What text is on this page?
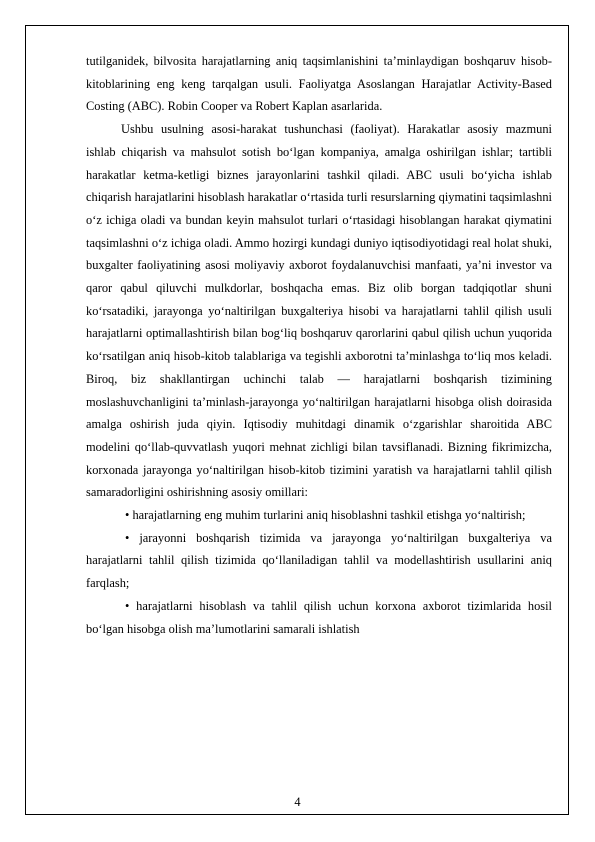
tutilganidek, bilvosita harajatlarning aniq taqsimlanishini ta’minlaydigan boshqaruv hisob-kitoblarining eng keng tarqalgan usuli. Faoliyatga Asoslangan Harajatlar Activity-Based Costing (ABC). Robin Cooper va Robert Kaplan asarlarida.

Ushbu usulning asosi-harakat tushunchasi (faoliyat). Harakatlar asosiy mazmuni ishlab chiqarish va mahsulot sotish bo‘lgan kompaniya, amalga oshirilgan ishlar; tartibli harakatlar ketma-ketligi biznes jarayonlarini tashkil qiladi. ABC usuli bo‘yicha ishlab chiqarish harajatlarini hisoblash harakatlar o‘rtasida turli resurslarning qiymatini taqsimlashni o‘z ichiga oladi va bundan keyin mahsulot turlari o‘rtasidagi hisoblangan harakat qiymatini taqsimlashni o‘z ichiga oladi. Ammo hozirgi kundagi duniyo iqtisodiyotidagi real holat shuki, buxgalter faoliyatining asosi moliyaviy axborot foydalanuvchisi manfaati, ya’ni investor va qaror qabul qiluvchi mulkdorlar, boshqacha emas. Biz olib borgan tadqiqotlar shuni ko‘rsatadiki, jarayonga yo‘naltirilgan buxgalteriya hisobi va harajatlarni tahlil qilish usuli harajatlarni optimallashtirish bilan bog‘liq boshqaruv qarorlarini qabul qilish uchun yuqorida ko‘rsatilgan aniq hisob-kitob talablariga va tegishli axborotni ta’minlashga to‘liq mos keladi. Biroq, biz shakllantirgan uchinchi talab — harajatlarni boshqarish tizimining moslashuvchanligini ta’minlash-jarayonga yo‘naltirilgan harajatlarni hisobga olish doirasida amalga oshirish juda qiyin. Iqtisodiy muhitdagi dinamik o‘zgarishlar sharoitida ABC modelini qo‘llab-quvvatlash yuqori mehnat zichligi bilan tavsiflanadi. Bizning fikrimizcha, korxonada jarayonga yo‘naltirilgan hisob-kitob tizimini yaratish va harajatlarni tahlil qilish samaradorligini oshirishning asosiy omillari:

• harajatlarning eng muhim turlarini aniq hisoblashni tashkil etishga yo‘naltirish;

• jarayonni boshqarish tizimida va jarayonga yo‘naltirilgan buxgalteriya va harajatlarni tahlil qilish tizimida qo‘llaniladigan tahlil va modellashtirish usullarini aniq farqlash;

• harajatlarni hisoblash va tahlil qilish uchun korxona axborot tizimlarida hosil bo‘lgan hisobga olish ma’lumotlarini samarali ishlatish

4
